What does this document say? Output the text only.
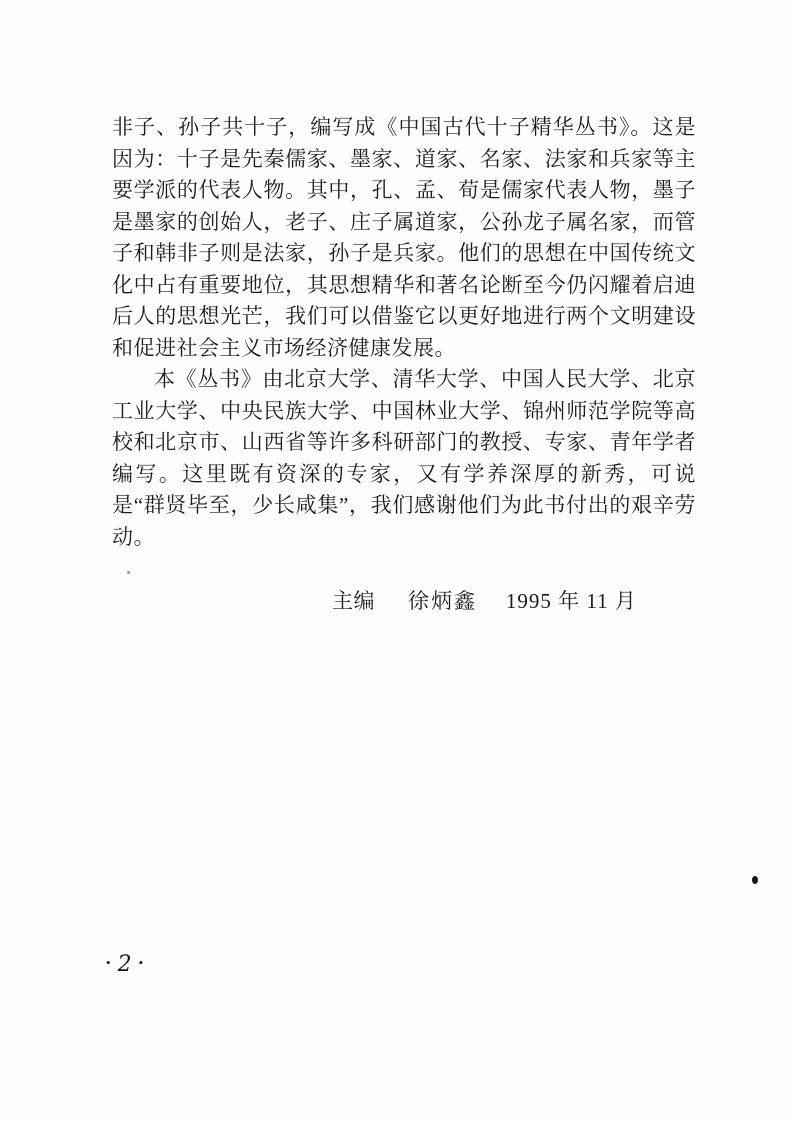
非子、孙子共十子，编写成《中国古代十子精华丛书》。这是因为：十子是先秦儒家、墨家、道家、名家、法家和兵家等主要学派的代表人物。其中，孔、孟、荀是儒家代表人物，墨子是墨家的创始人，老子、庄子属道家，公孙龙子属名家，而管子和韩非子则是法家，孙子是兵家。他们的思想在中国传统文化中占有重要地位，其思想精华和著名论断至今仍闪耀着启迪后人的思想光芒，我们可以借鉴它以更好地进行两个文明建设和促进社会主义市场经济健康发展。

本《丛书》由北京大学、清华大学、中国人民大学、北京工业大学、中央民族大学、中国林业大学、锦州师范学院等高校和北京市、山西省等许多科研部门的教授、专家、青年学者编写。这里既有资深的专家，又有学养深厚的新秀，可说是“群贤毕至，少长咸集”，我们感谢他们为此书付出的艰辛劳动。

主编 徐炳鑫 1995 年 11 月
• 2 •
